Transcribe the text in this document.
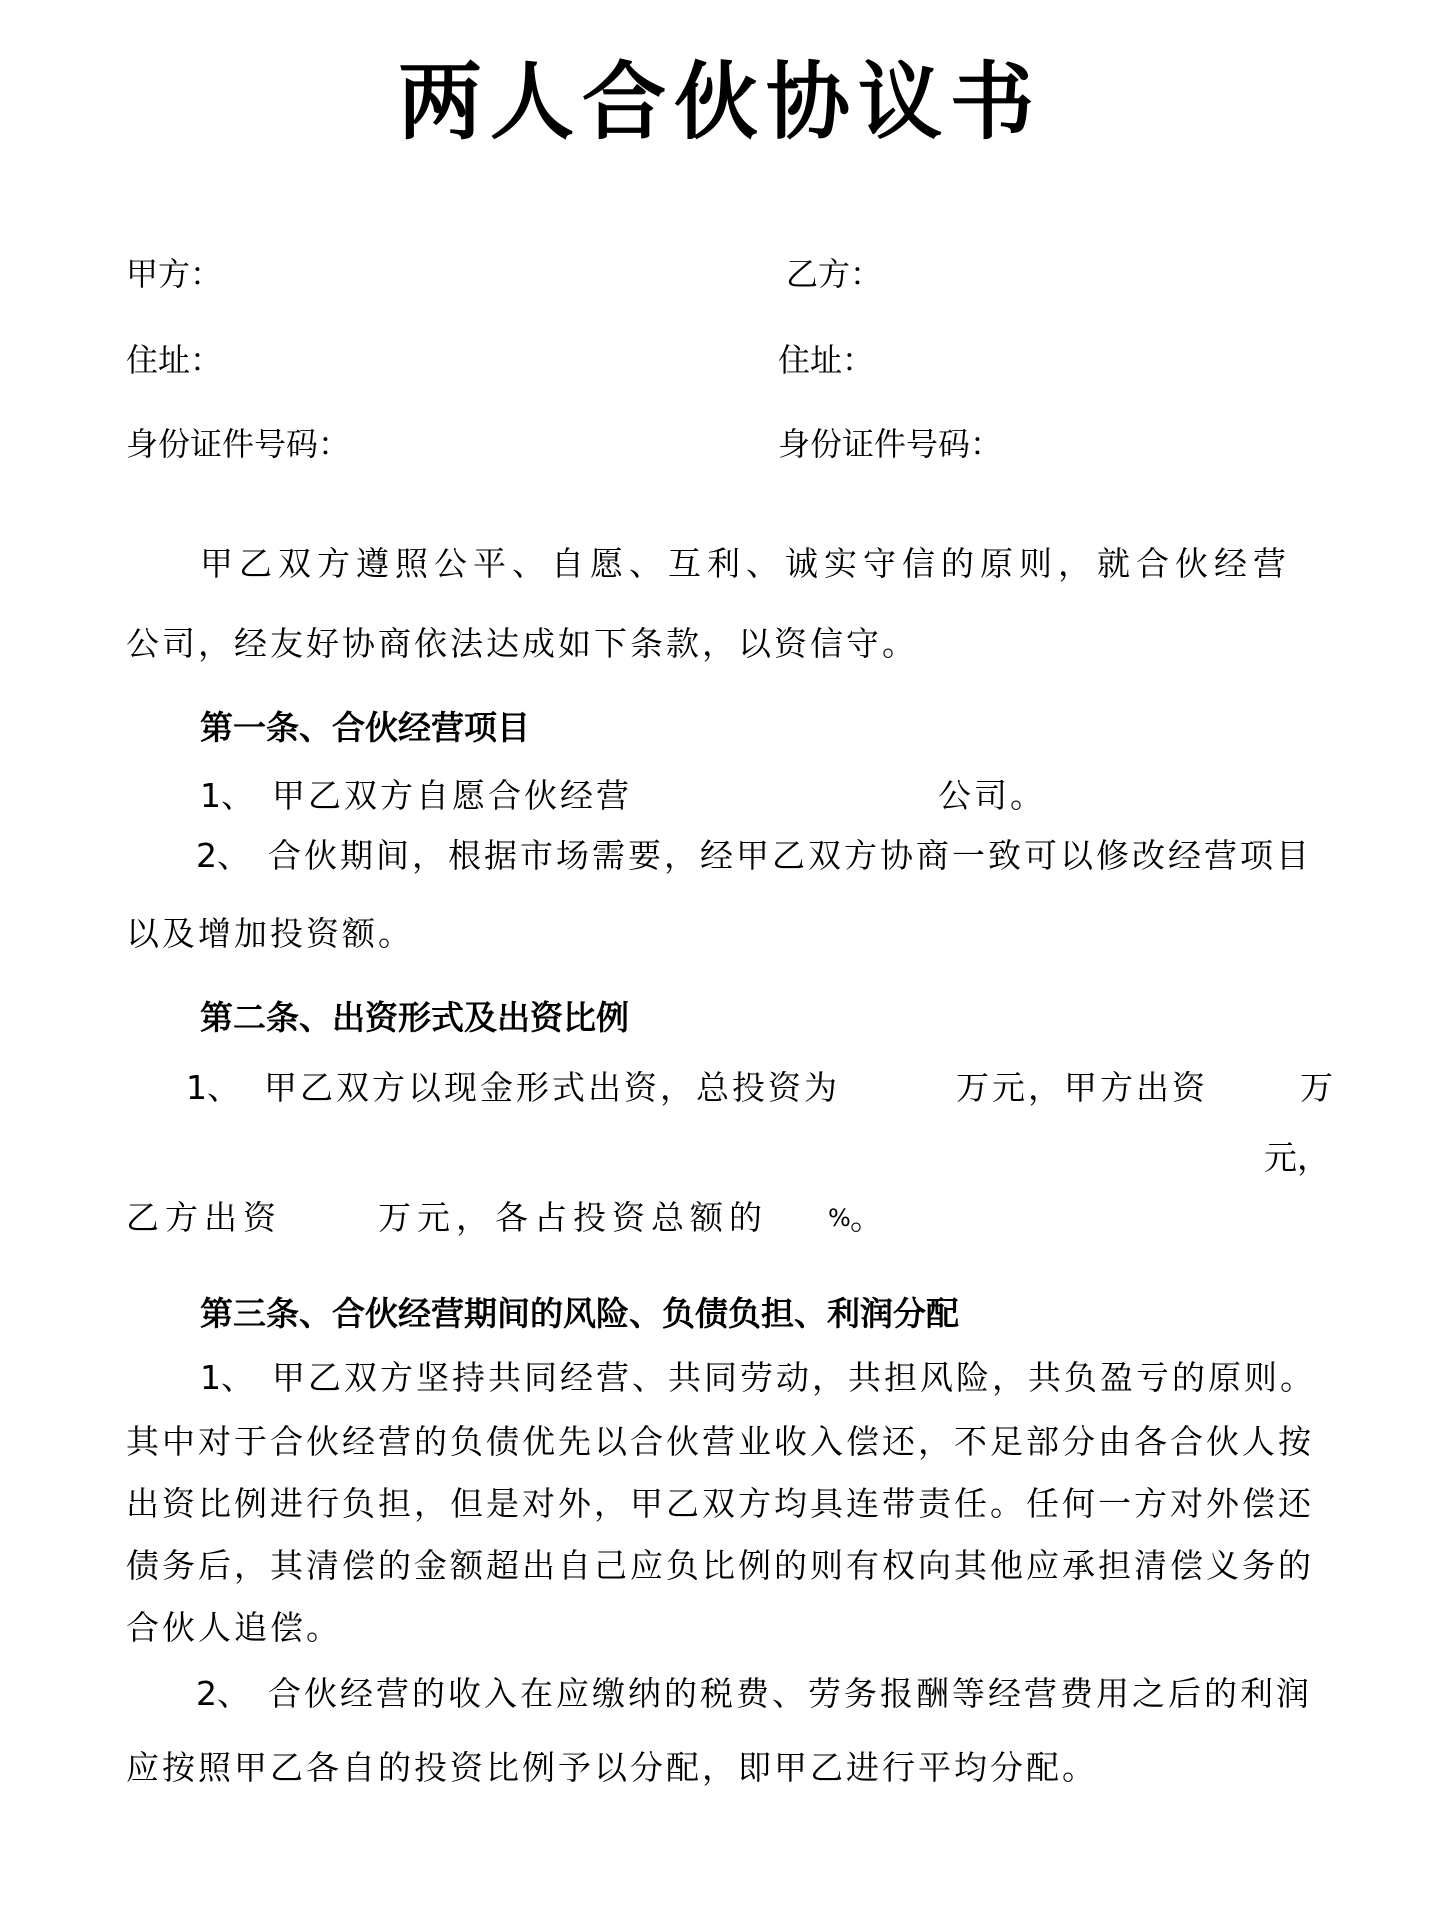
两人合伙协议书
甲方：	乙方：
住址：	住址：
身份证件号码：	身份证件号码：
甲乙双方遵照公平、自愿、互利、诚实守信的原则，就合伙经营
公司，经友好协商依法达成如下条款，以资信守。
第一条、合伙经营项目
1、 甲乙双方自愿合伙经营	公司。
2、 合伙期间，根据市场需要，经甲乙双方协商一致可以修改经营项目
以及增加投资额。
第二条、出资形式及出资比例
1、 甲乙双方以现金形式出资，总投资为	万元，甲方出资	万
元，
乙方出资	万元，各占投资总额的	% 。
第三条、合伙经营期间的风险、负债负担、利润分配
1、 甲乙双方坚持共同经营、共同劳动，共担风险，共负盈亏的原则。
其中对于合伙经营的负债优先以合伙营业收入偿还，不足部分由各合伙人按
出资比例进行负担，但是对外，甲乙双方均具连带责任。任何一方对外偿还
债务后，其清偿的金额超出自己应负比例的则有权向其他应承担清偿义务的
合伙人追偿。
2、 合伙经营的收入在应缴纳的税费、劳务报酬等经营费用之后的利润
应按照甲乙各自的投资比例予以分配，即甲乙进行平均分配。
